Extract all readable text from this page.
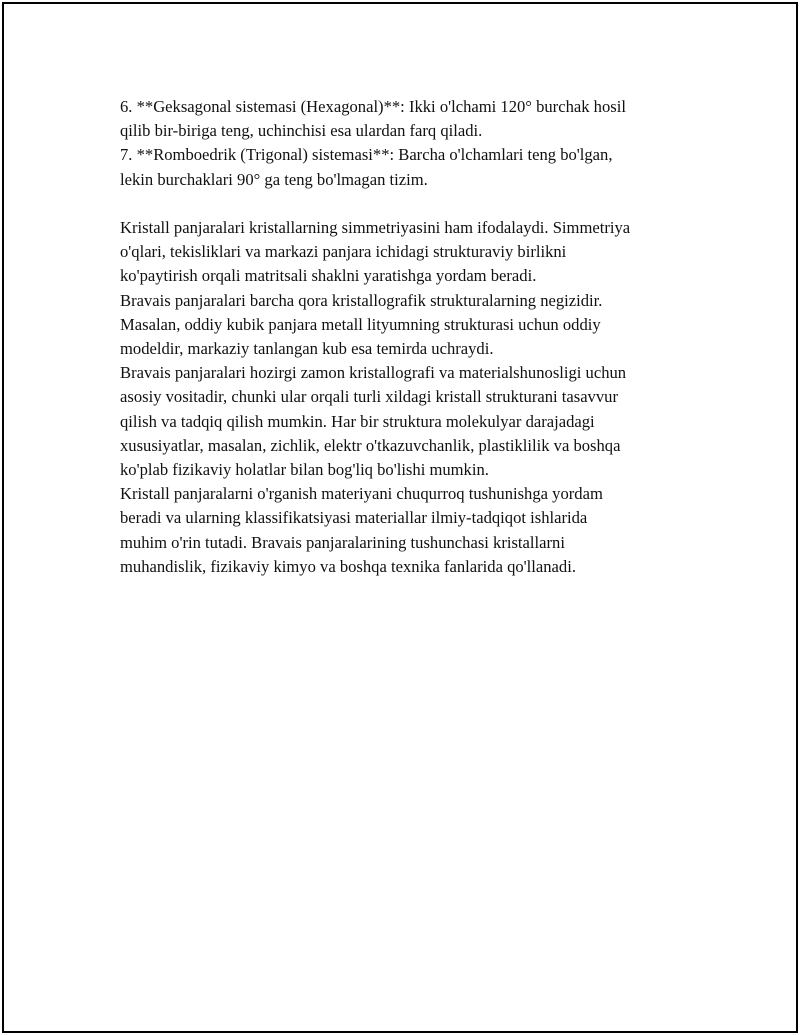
6. **Geksagonal sistemasi (Hexagonal)**: Ikki o'lchami 120° burchak hosil
qilib bir-biriga teng, uchinchisi esa ulardan farq qiladi.

7. **Romboedrik (Trigonal) sistemasi**: Barcha o'lchamlari teng bo'lgan,
lekin burchaklari 90° ga teng bo'lmagan tizim.

Kristall panjaralari kristallarning simmetriyasini ham ifodalaydi. Simmetriya
o'qlari, tekisliklari va markazi panjara ichidagi strukturaviy birlikni
ko'paytirish orqali matritsali shaklni yaratishga yordam beradi.

Bravais panjaralari barcha qora kristallografik strukturalarning negizidir.
Masalan, oddiy kubik panjara metall lityumning strukturasi uchun oddiy
modeldir, markaziy tanlangan kub esa temirda uchraydi.

Bravais panjaralari hozirgi zamon kristallografi va materialshunosligi uchun
asosiy vositadir, chunki ular orqali turli xildagi kristall strukturani tasavvur
qilish va tadqiq qilish mumkin. Har bir struktura molekulyar darajadagi
xususiyatlar, masalan, zichlik, elektr o'tkazuvchanlik, plastiklilik va boshqa
ko'plab fizikaviy holatlar bilan bog'liq bo'lishi mumkin.

Kristall panjaralarni o'rganish materiyani chuqurroq tushunishga yordam
beradi va ularning klassifikatsiyasi materiallar ilmiy-tadqiqot ishlarida
muhim o'rin tutadi. Bravais panjaralarining tushunchasi kristallarni
muhandislik, fizikaviy kimyo va boshqa texnika fanlarida qo'llanadi.
